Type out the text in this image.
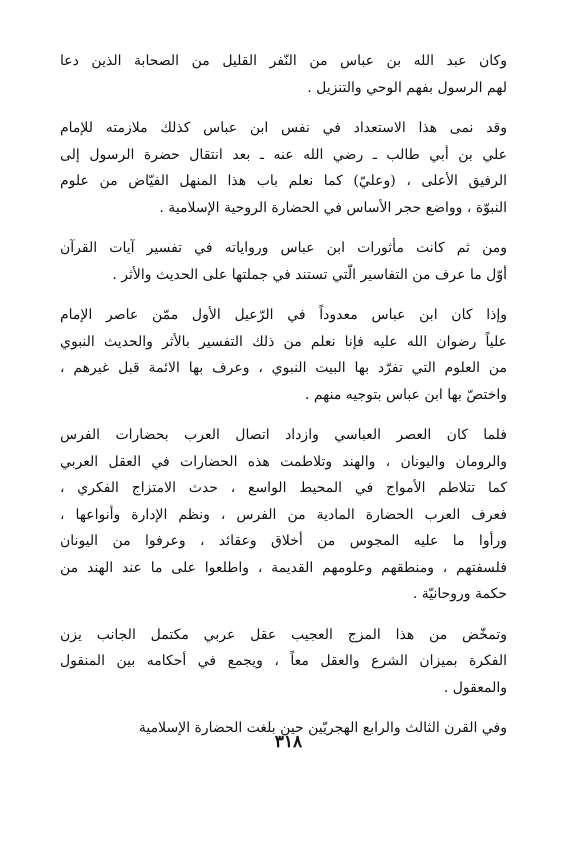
وكان عبد الله بن عباس من النّفر القليل من الصحابة الذين دعا
لهم الرسول بفهم الوحي والتنزيل .
وقد نمى هذا الاستعداد في نفس ابن عباس كذلك ملازمته للإمام
علي بن أبي طالب ـ رضي الله عنه ـ بعد انتقال حضرة الرسول إلى
الرفيق الأعلى ، (وعليّ) كما نعلم باب هذا المنهل الفيّاض من علوم
النبوّة ، وواضع حجر الأساس في الحضارة الروحية الإسلامية .
ومن ثم كانت مأثورات ابن عباس ورواياته في تفسير آيات القرآن
أوّل ما عرف من التفاسير الّتي تستند في جملتها على الحديث والأثر .
وإذا كان ابن عباس معدوداً في الرّعيل الأول ممّن عاصر الإمام
علياً رضوان الله عليه فإنا نعلم من ذلك التفسير بالأثر والحديث النبوي
من العلوم التي تفرّد بها البيت النبوي ، وعرف بها الائمة قبل غيرهم ،
واختصّ بها ابن عباس بتوجيه منهم .
فلما كان العصر العباسي وازداد اتصال العرب بحضارات الفرس
والرومان واليونان ، والهند وتلاطمت هذه الحضارات في العقل العربي
كما تتلاطم الأمواج في المحيط الواسع ، حدث الامتزاج الفكري ،
فعرف العرب الحضارة المادية من الفرس ، ونظم الإدارة وأنواعها ،
ورأوا ما عليه المجوس من أخلاق وعقائد ، وعرفوا من اليونان
فلسفتهم ، ومنطقهم وعلومهم القديمة ، واطلعوا على ما عند الهند من
حكمة وروحانيّة .
وتمخّض من هذا المزج العجيب عقل عربي مكتمل الجانب يزن
الفكرة بميزان الشرع والعقل معاً ، ويجمع في أحكامه بين المنقول
والمعقول .
وفي القرن الثالث والرابع الهجريّين حين بلغت الحضارة الإسلامية
٣١٨
